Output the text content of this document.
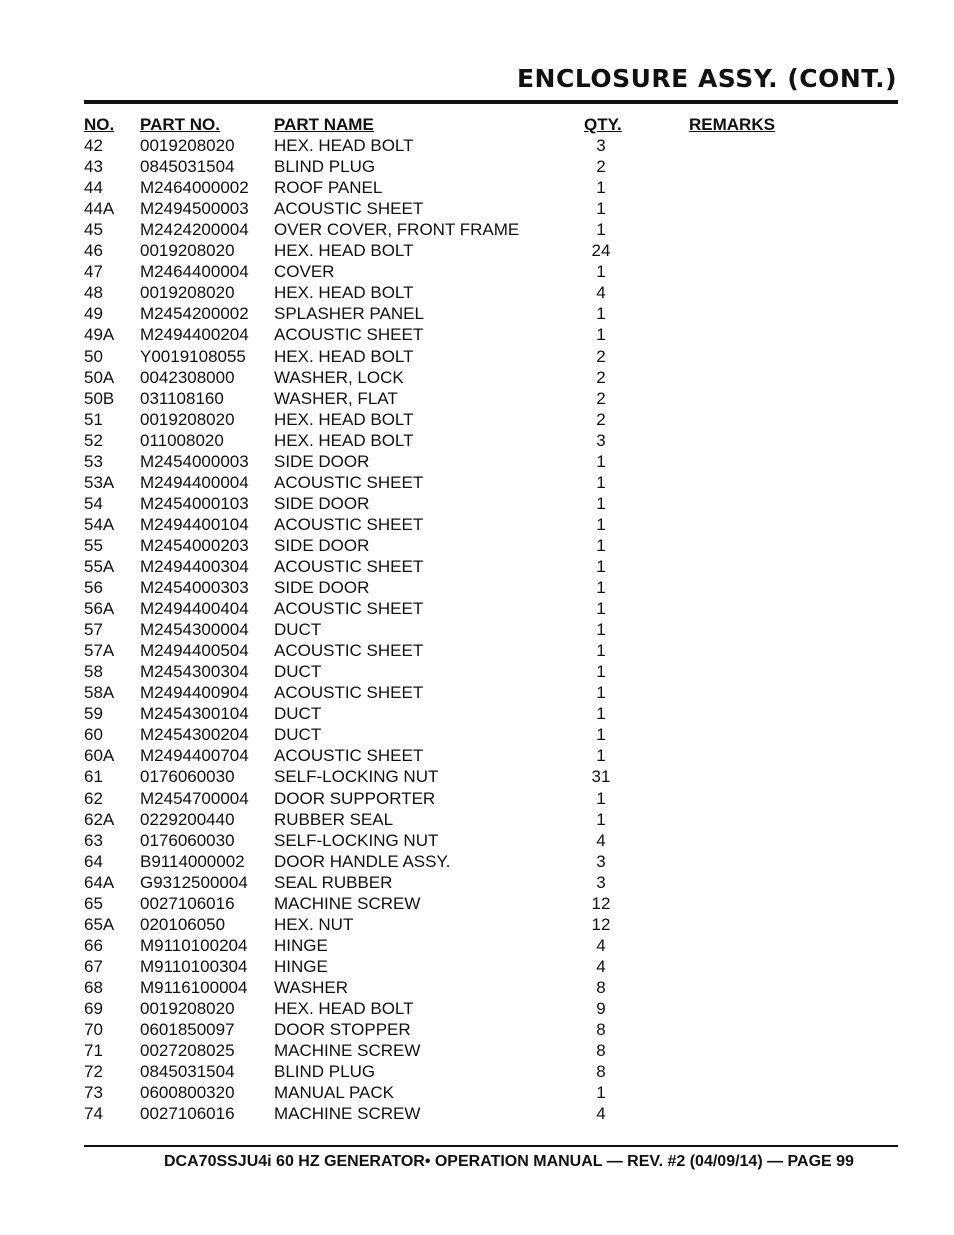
ENCLOSURE ASSY. (CONT.)
NO. PART NO.	PART NAME	QTY.	REMARKS
42 0019208020 HEX. HEAD BOLT	3
43 0845031504 BLIND PLUG	2
44 M2464000002 ROOF PANEL	1
44A M2494500003 ACOUSTIC SHEET	1
45 M2424200004 OVER COVER, FRONT FRAME	1
46 0019208020 HEX. HEAD BOLT	24
47 M2464400004 COVER	1
48 0019208020 HEX. HEAD BOLT	4
49 M2454200002 SPLASHER PANEL	1
49A M2494400204 ACOUSTIC SHEET	1
50 Y0019108055 HEX. HEAD BOLT	2
50A 0042308000 WASHER, LOCK	2
50B 031108160	WASHER, FLAT	2
51 0019208020 HEX. HEAD BOLT	2
52 011008020	HEX. HEAD BOLT	3
53 M2454000003 SIDE DOOR	1
53A M2494400004 ACOUSTIC SHEET	1
54 M2454000103 SIDE DOOR	1
54A M2494400104 ACOUSTIC SHEET	1
55 M2454000203 SIDE DOOR	1
55A M2494400304 ACOUSTIC SHEET	1
56 M2454000303 SIDE DOOR	1
56A M2494400404 ACOUSTIC SHEET	1
57 M2454300004 DUCT	1
57A M2494400504 ACOUSTIC SHEET	1
58 M2454300304 DUCT	1
58A M2494400904 ACOUSTIC SHEET	1
59 M2454300104 DUCT	1
60 M2454300204 DUCT	1
60A M2494400704 ACOUSTIC SHEET	1
61 0176060030 SELF-LOCKING NUT	31
62 M2454700004 DOOR SUPPORTER	1
62A 0229200440 RUBBER SEAL	1
63 0176060030 SELF-LOCKING NUT	4
64 B9114000002 DOOR HANDLE ASSY.	3
64A G9312500004 SEAL RUBBER	3
65 0027106016 MACHINE SCREW	12
65A 020106050	HEX. NUT	12
66 M9110100204 HINGE	4
67 M9110100304 HINGE	4
68 M9116100004 WASHER	8
69 0019208020 HEX. HEAD BOLT	9
70 0601850097 DOOR STOPPER	8
71 0027208025 MACHINE SCREW	8
72 0845031504 BLIND PLUG	8
73 0600800320 MANUAL PACK	1
74 0027106016 MACHINE SCREW	4
DCA70SSJU4i 60 HZ GENERATOR• OPERATION MANUAL — REV. #2 (04/09/14) — PAGE 99
